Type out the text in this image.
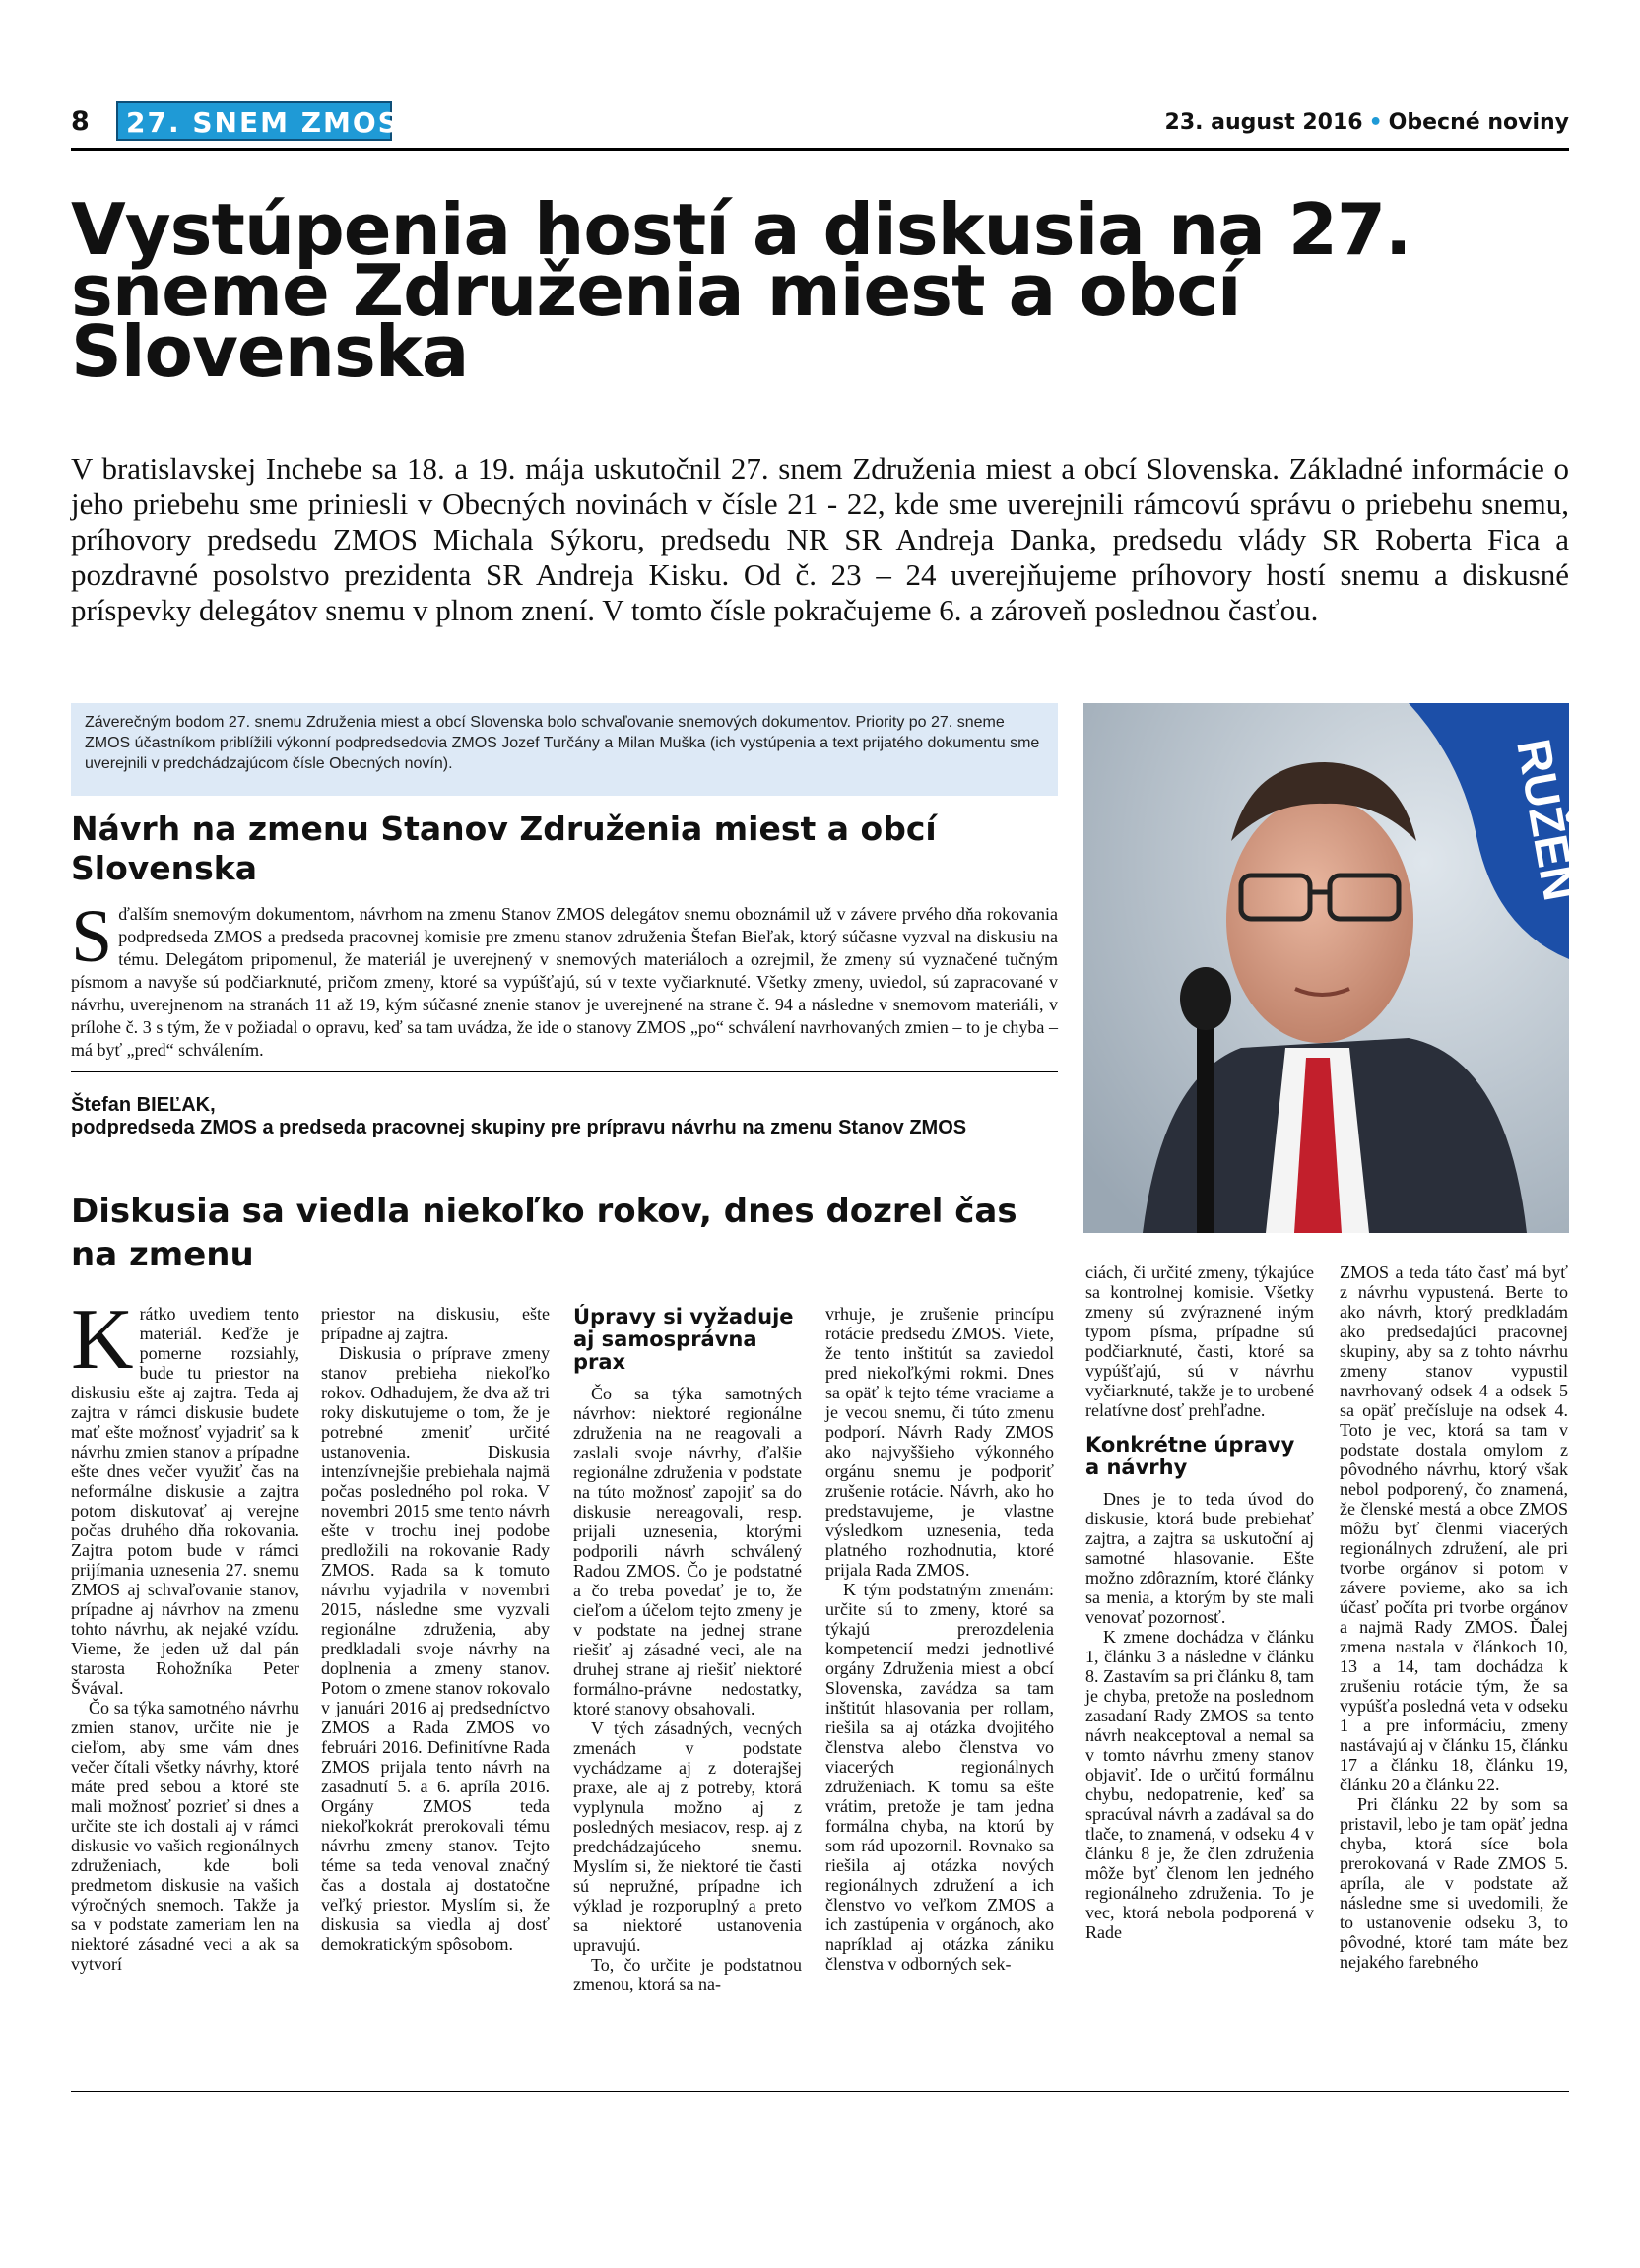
8	27. SNEM ZMOS	23. august 2016 • Obecné noviny
Vystúpenia hostí a diskusia na 27. sneme Združenia miest a obcí Slovenska

V bratislavskej Inchebe sa 18. a 19. mája uskutočnil 27. snem Združenia miest a obcí Slovenska. Základné informácie o jeho priebehu sme priniesli v Obecných novinách v čísle 21 - 22, kde sme uverejnili rámcovú správu o priebehu snemu, príhovory predsedu ZMOS Michala Sýkoru, predsedu NR SR Andreja Danka, predsedu vlády SR Roberta Fica a pozdravné posolstvo prezidenta SR Andreja Kisku. Od č. 23 – 24 uverejňujeme príhovory hostí snemu a diskusné príspevky delegátov snemu v plnom znení. V tomto čísle pokračujeme 6. a zároveň poslednou časťou.

Záverečným bodom 27. snemu Združenia miest a obcí Slovenska bolo schvaľovanie snemových dokumentov. Priority po 27. sneme ZMOS účastníkom priblížili výkonní podpredsedovia ZMOS Jozef Turčány a Milan Muška (ich vystúpenia a text prijatého dokumentu sme uverejnili v predchádzajúcom čísle Obecných novín).	RUŽEN
Návrh na zmenu Stanov Združenia miest a obcí Slovenska
Sďalším snemovým dokumentom, návrhom na zmenu Stanov ZMOS delegátov snemu oboznámil už v závere prvého dňa rokovania podpredseda ZMOS a predseda pracovnej komisie pre zmenu stanov združenia Štefan Bieľak, ktorý súčasne vyzval na diskusiu na tému. Delegátom pripomenul, že materiál je uverejnený v snemových materiáloch a ozrejmil, že zmeny sú vyznačené tučným písmom a navyše sú podčiarknuté, pričom zmeny, ktoré sa vypúšťajú, sú v texte vyčiarknuté. Všetky zmeny, uviedol, sú zapracované v návrhu, uverejnenom na stranách 11 až 19, kým súčasné znenie stanov je uverejnené na strane č. 94 a následne v snemovom materiáli, v prílohe č. 3 s tým, že v požiadal o opravu, keď sa tam uvádza, že ide o stanovy ZMOS „po“ schválení navrhovaných zmien – to je chyba – má byť „pred“ schválením.
Štefan BIEĽAK,
podpredseda ZMOS a predseda pracovnej skupiny pre prípravu návrhu na zmenu Stanov ZMOS
Diskusia sa viedla niekoľko rokov, dnes dozrel čas na zmenu

Krátko uvediem tento materiál. Keďže je pomerne rozsiahly, bude tu priestor na diskusiu ešte aj zajtra. Teda aj zajtra v rámci diskusie budete mať ešte možnosť vyjadriť sa k návrhu zmien stanov a prípadne ešte dnes večer využiť čas na neformálne diskusie a zajtra potom diskutovať aj verejne počas druhého dňa rokovania. Zajtra potom bude v rámci prijímania uznesenia 27. snemu ZMOS aj schvaľovanie stanov, prípadne aj návrhov na zmenu tohto návrhu, ak nejaké vzídu. Vieme, že jeden už dal pán starosta Rohožníka Peter Švával.

Čo sa týka samotného návrhu zmien stanov, určite nie je cieľom, aby sme vám dnes večer čítali všetky návrhy, ktoré máte pred sebou a ktoré ste mali možnosť pozrieť si dnes a určite ste ich dostali aj v rámci diskusie vo vašich regionálnych združeniach, kde boli predmetom diskusie na vašich výročných snemoch. Takže ja sa v podstate zameriam len na niektoré zásadné veci a ak sa vytvorí

priestor na diskusiu, ešte prípadne aj zajtra.

Diskusia o príprave zmeny stanov prebieha niekoľko rokov. Odhadujem, že dva až tri roky diskutujeme o tom, že je potrebné zmeniť určité ustanovenia. Diskusia intenzívnejšie prebiehala najmä počas posledného pol roka. V novembri 2015 sme tento návrh ešte v trochu inej podobe predložili na rokovanie Rady ZMOS. Rada sa k tomuto návrhu vyjadrila v novembri 2015, následne sme vyzvali regionálne združenia, aby predkladali svoje návrhy na doplnenia a zmeny stanov. Potom o zmene stanov rokovalo v januári 2016 aj predsedníctvo ZMOS a Rada ZMOS vo februári 2016. Definitívne Rada ZMOS prijala tento návrh na zasadnutí 5. a 6. apríla 2016. Orgány ZMOS teda niekoľkokrát prerokovali tému návrhu zmeny stanov. Tejto téme sa teda venoval značný čas a dostala aj dostatočne veľký priestor. Myslím si, že diskusia sa viedla aj dosť demokratickým spôsobom.

Úpravy si vyžaduje aj samosprávna prax

Čo sa týka samotných návrhov: niektoré regionálne združenia na ne reagovali a zaslali svoje návrhy, ďalšie regionálne združenia v podstate na túto možnosť zapojiť sa do diskusie nereagovali, resp. prijali uznesenia, ktorými podporili návrh schválený Radou ZMOS. Čo je podstatné a čo treba povedať je to, že cieľom a účelom tejto zmeny je v podstate na jednej strane riešiť aj zásadné veci, ale na druhej strane aj riešiť niektoré formálno-právne nedostatky, ktoré stanovy obsahovali.

V tých zásadných, vecných zmenách v podstate vychádzame aj z doterajšej praxe, ale aj z potreby, ktorá vyplynula možno aj z posledných mesiacov, resp. aj z predchádzajúceho snemu. Myslím si, že niektoré tie časti sú nepružné, prípadne ich výklad je rozporuplný a preto sa niektoré ustanovenia upravujú.

To, čo určite je podstatnou zmenou, ktorá sa na-

vrhuje, je zrušenie princípu rotácie predsedu ZMOS. Viete, že tento inštitút sa zaviedol pred niekoľkými rokmi. Dnes sa opäť k tejto téme vraciame a je vecou snemu, či túto zmenu podporí. Návrh Rady ZMOS ako najvyššieho výkonného orgánu snemu je podporiť zrušenie rotácie. Návrh, ako ho predstavujeme, je vlastne výsledkom uznesenia, teda platného rozhodnutia, ktoré prijala Rada ZMOS.

K tým podstatným zmenám: určite sú to zmeny, ktoré sa týkajú prerozdelenia kompetencií medzi jednotlivé orgány Združenia miest a obcí Slovenska, zavádza sa tam inštitút hlasovania per rollam, riešila sa aj otázka dvojitého členstva alebo členstva vo viacerých regionálnych združeniach. K tomu sa ešte vrátim, pretože je tam jedna formálna chyba, na ktorú by som rád upozornil. Rovnako sa riešila aj otázka nových regionálnych združení a ich členstvo vo veľkom ZMOS a ich zastúpenia v orgánoch, ako napríklad aj otázka zániku členstva v odborných sek-

ciách, či určité zmeny, týkajúce sa kontrolnej komisie. Všetky zmeny sú zvýraznené iným typom písma, prípadne sú podčiarknuté, časti, ktoré sa vypúšťajú, sú v návrhu vyčiarknuté, takže je to urobené relatívne dosť prehľadne.

Konkrétne úpravy a návrhy

Dnes je to teda úvod do diskusie, ktorá bude prebiehať zajtra, a zajtra sa uskutoční aj samotné hlasovanie. Ešte možno zdôrazním, ktoré články sa menia, a ktorým by ste mali venovať pozornosť.

K zmene dochádza v článku 1, článku 3 a následne v článku 8. Zastavím sa pri článku 8, tam je chyba, pretože na poslednom zasadaní Rady ZMOS sa tento návrh neakceptoval a nemal sa v tomto návrhu zmeny stanov objaviť. Ide o určitú formálnu chybu, nedopatrenie, keď sa spracúval návrh a zadával sa do tlače, to znamená, v odseku 4 v článku 8 je, že člen združenia môže byť členom len jedného regionálneho združenia. To je vec, ktorá nebola podporená v Rade

ZMOS a teda táto časť má byť z návrhu vypustená. Berte to ako návrh, ktorý predkladám ako predsedajúci pracovnej skupiny, aby sa z tohto návrhu zmeny stanov vypustil navrhovaný odsek 4 a odsek 5 sa opäť prečísluje na odsek 4. Toto je vec, ktorá sa tam v podstate dostala omylom z pôvodného návrhu, ktorý však nebol podporený, čo znamená, že členské mestá a obce ZMOS môžu byť členmi viacerých regionálnych združení, ale pri tvorbe orgánov si potom v závere povieme, ako sa ich účasť počíta pri tvorbe orgánov a najmä Rady ZMOS. Ďalej zmena nastala v článkoch 10, 13 a 14, tam dochádza k zrušeniu rotácie tým, že sa vypúšťa posledná veta v odseku 1 a pre informáciu, zmeny nastávajú aj v článku 15, článku 17 a článku 18, článku 19, článku 20 a článku 22.

Pri článku 22 by som sa pristavil, lebo je tam opäť jedna chyba, ktorá síce bola prerokovaná v Rade ZMOS 5. apríla, ale v podstate až následne sme si uvedomili, že to ustanovenie odseku 3, to pôvodné, ktoré tam máte bez nejakého farebného
